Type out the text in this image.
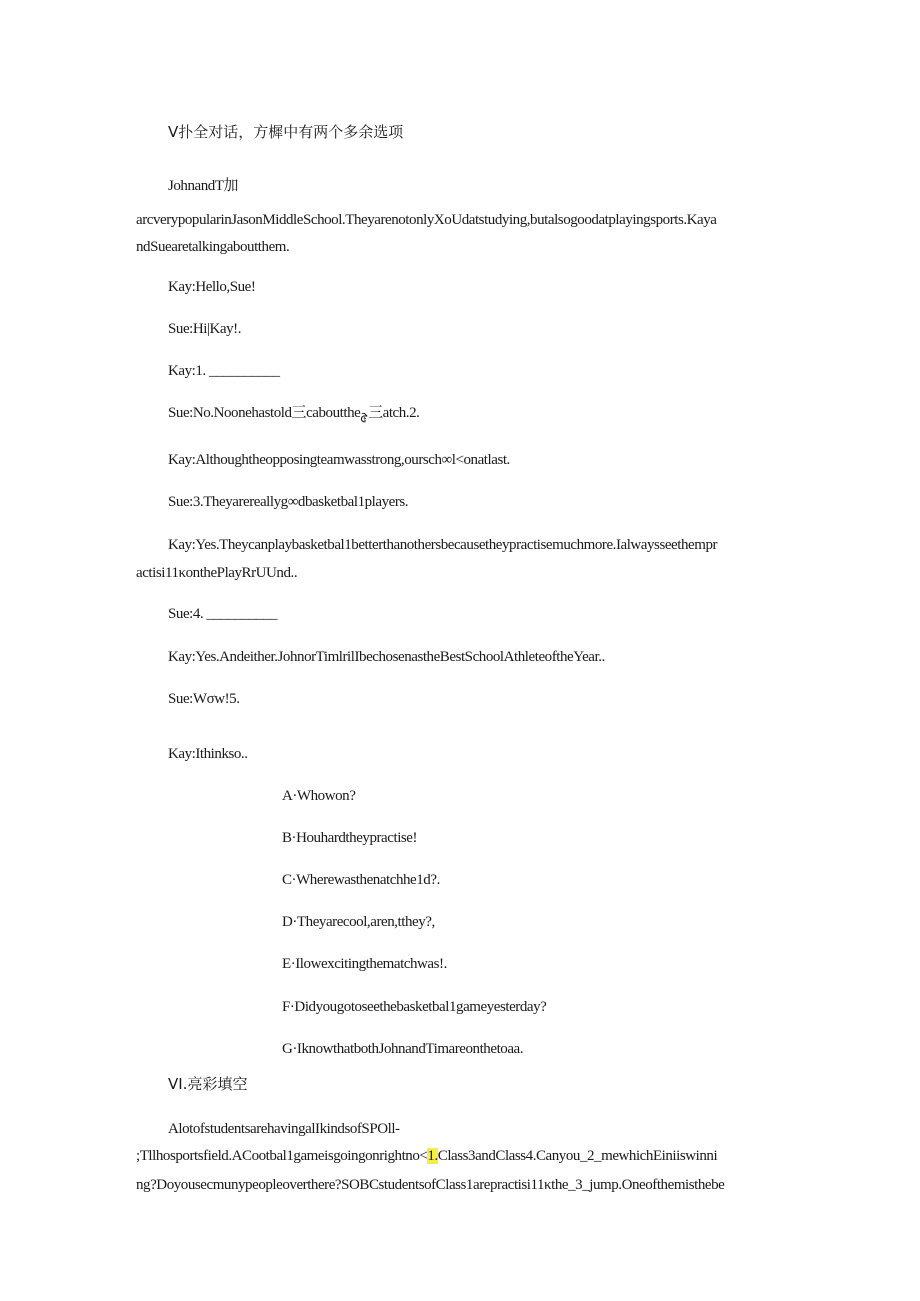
V扑全对话，方樨中有两个多余选项
JohnandT加
arcverypopularinJasonMiddleSchool.TheyarenotonlyXoUdatstudying,butalsogoodatplayingsports.Kaya
ndSuearetalkingaboutthem.
Kay:Hello,Sue!
Sue:Hi|Kay!.
Kay:1. __________
Sue:No.Noonehastold三cabouttheࣆ三atch.2.
Kay:Althoughtheopposingteamwasstrong,oursch∞l<onatlast.
Sue:3.Theyarereallyg∞dbasketbal1players.
Kay:Yes.Theycanplaybasketbal1betterthanothersbecausetheypractisemuchmore.Ialwaysseethempr
actisi11κonthePlayRrUUnd..
Sue:4. __________
Kay:Yes.Andeither.JohnorTimlrilIbechosenastheBestSchoolAthleteoftheYear..
Sue:Wσw!5.
Kay:Ithinkso..
A·Whowon?
B·Houhardtheypractise!
C·Wherewasthenatchhe1d?.
D·Theyarecool,aren,tthey?,
E·Ilowexcitingthematchwas!.
F·Didyougotoseethebasketbal1gameyesterday?
G·IknowthatbothJohnandTimareonthetoaa.
VI.亮彩填空
AlotofstudentsarehavingalIkindsofSPOll-
;Tllhosportsfield.ACootbal1gameisgoingonrightno<1.Class3andClass4.Canyou_2_mewhichEiniiswinni
ng?Doyousecmunypeopleoverthere?SOBCstudentsofClass1arepractisi11κthe_3_jump.Oneofthemisthebe
